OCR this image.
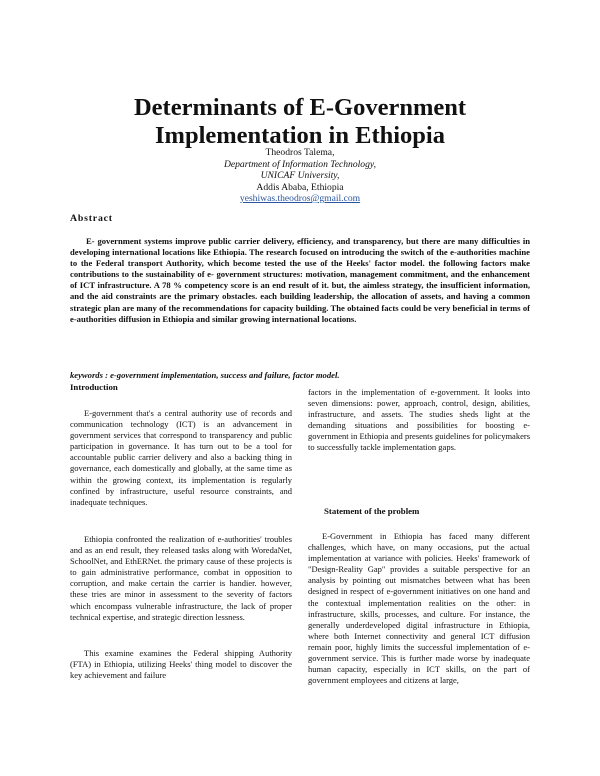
Determinants of E-Government
Implementation in Ethiopia
Theodros Talema,
Department of Information Technology,
UNICAF University,
Addis Ababa, Ethiopia
yeshiwas.theodros@gmail.com
Abstract

E- government systems improve public carrier delivery, efficiency, and transparency, but there are many difficulties in developing international locations like Ethiopia. The research focused on introducing the switch of the e-authorities machine to the Federal transport Authority, which become tested the use of the Heeks' factor model. the following factors make contributions to the sustainability of e- government structures: motivation, management commitment, and the enhancement of ICT infrastructure. A 78 % competency score is an end result of it. but, the aimless strategy, the insufficient information, and the aid constraints are the primary obstacles. each building leadership, the allocation of assets, and having a common strategic plan are many of the recommendations for capacity building. The obtained facts could be very beneficial in terms of e-authorities diffusion in Ethiopia and similar growing international locations.

keywords : e-government implementation, success and failure, factor model.
Introduction

E-government that's a central authority use of records and communication technology (ICT) is an advancement in government services that correspond to transparency and public participation in governance. It has turn out to be a tool for accountable public carrier delivery and also a backing thing in governance, each domestically and globally, at the same time as within the growing context, its implementation is regularly confined by infrastructure, useful resource constraints, and inadequate techniques.

Ethiopia confronted the realization of e-authorities' troubles and as an end result, they released tasks along with WoredaNet, SchoolNet, and EthERNet. the primary cause of these projects is to gain administrative performance, combat in opposition to corruption, and make certain the carrier is handier. however, these tries are minor in assessment to the severity of factors which encompass vulnerable infrastructure, the lack of proper technical expertise, and strategic direction lessness.

This examine examines the Federal shipping Authority (FTA) in Ethiopia, utilizing Heeks' thing model to discover the key achievement and failure

factors in the implementation of e-government. It looks into seven dimensions: power, approach, control, design, abilities, infrastructure, and assets. The studies sheds light at the demanding situations and possibilities for boosting e-government in Ethiopia and presents guidelines for policymakers to successfully tackle implementation gaps.

Statement of the problem

E-Government in Ethiopia has faced many different challenges, which have, on many occasions, put the actual implementation at variance with policies. Heeks' framework of "Design-Reality Gap" provides a suitable perspective for an analysis by pointing out mismatches between what has been designed in respect of e-government initiatives on one hand and the contextual implementation realities on the other: in infrastructure, skills, processes, and culture. For instance, the generally underdeveloped digital infrastructure in Ethiopia, where both Internet connectivity and general ICT diffusion remain poor, highly limits the successful implementation of e-government service. This is further made worse by inadequate human capacity, especially in ICT skills, on the part of government employees and citizens at large,
